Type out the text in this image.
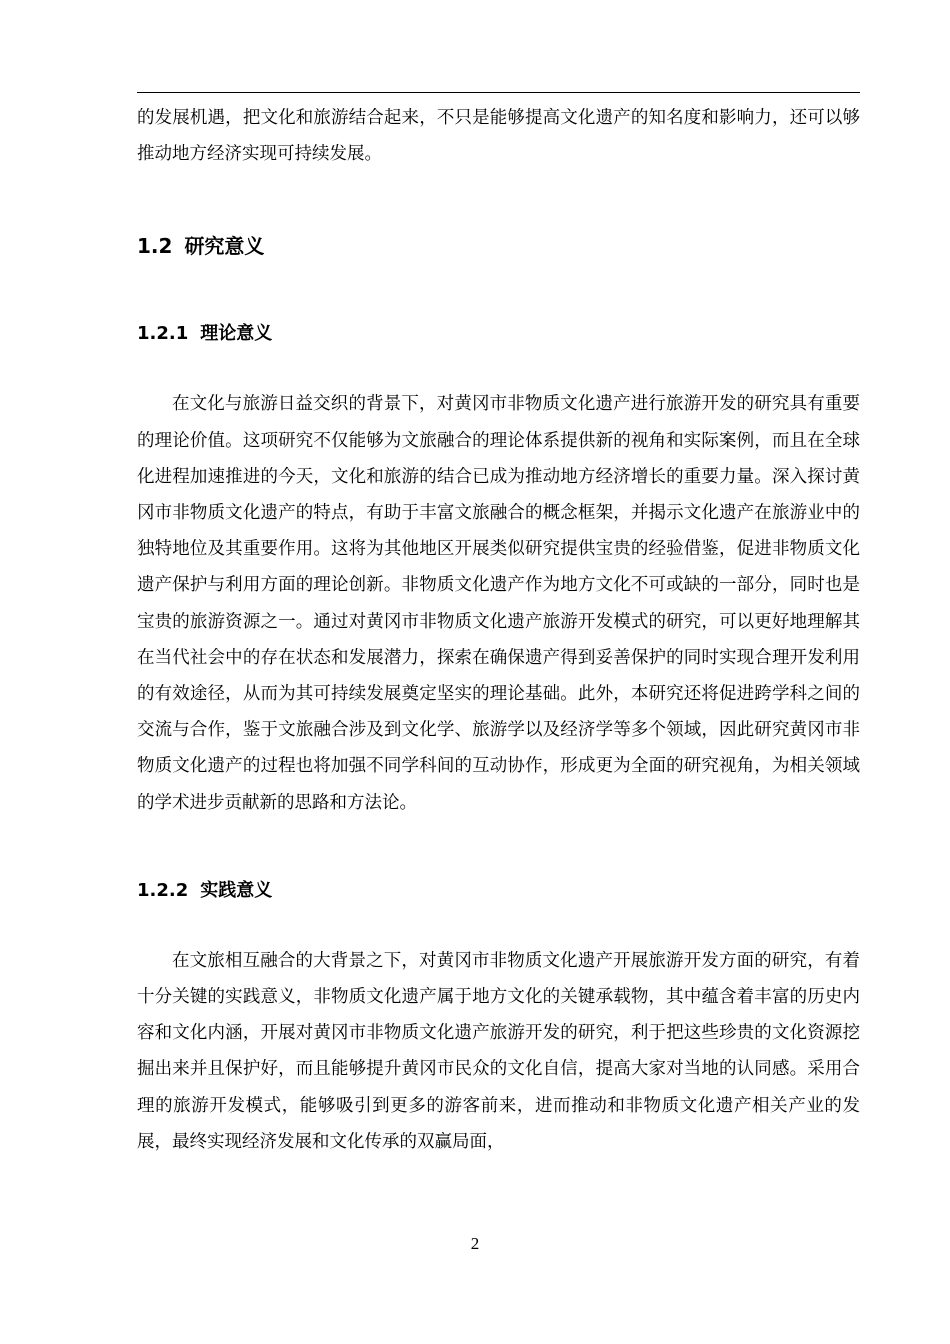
的发展机遇，把文化和旅游结合起来，不只是能够提高文化遗产的知名度和影响力，还可以够推动地方经济实现可持续发展。

1.2 研究意义
1.2.1 理论意义

在文化与旅游日益交织的背景下，对黄冈市非物质文化遗产进行旅游开发的研究具有重要的理论价值。这项研究不仅能够为文旅融合的理论体系提供新的视角和实际案例，而且在全球化进程加速推进的今天，文化和旅游的结合已成为推动地方经济增长的重要力量。深入探讨黄冈市非物质文化遗产的特点，有助于丰富文旅融合的概念框架，并揭示文化遗产在旅游业中的独特地位及其重要作用。这将为其他地区开展类似研究提供宝贵的经验借鉴，促进非物质文化遗产保护与利用方面的理论创新。非物质文化遗产作为地方文化不可或缺的一部分，同时也是宝贵的旅游资源之一。通过对黄冈市非物质文化遗产旅游开发模式的研究，可以更好地理解其在当代社会中的存在状态和发展潜力，探索在确保遗产得到妥善保护的同时实现合理开发利用的有效途径，从而为其可持续发展奠定坚实的理论基础。此外，本研究还将促进跨学科之间的交流与合作，鉴于文旅融合涉及到文化学、旅游学以及经济学等多个领域，因此研究黄冈市非物质文化遗产的过程也将加强不同学科间的互动协作，形成更为全面的研究视角，为相关领域的学术进步贡献新的思路和方法论。

1.2.2 实践意义

在文旅相互融合的大背景之下，对黄冈市非物质文化遗产开展旅游开发方面的研究，有着十分关键的实践意义，非物质文化遗产属于地方文化的关键承载物，其中蕴含着丰富的历史内容和文化内涵，开展对黄冈市非物质文化遗产旅游开发的研究，利于把这些珍贵的文化资源挖掘出来并且保护好，而且能够提升黄冈市民众的文化自信，提高大家对当地的认同感。采用合理的旅游开发模式，能够吸引到更多的游客前来，进而推动和非物质文化遗产相关产业的发展，最终实现经济发展和文化传承的双赢局面，

2
